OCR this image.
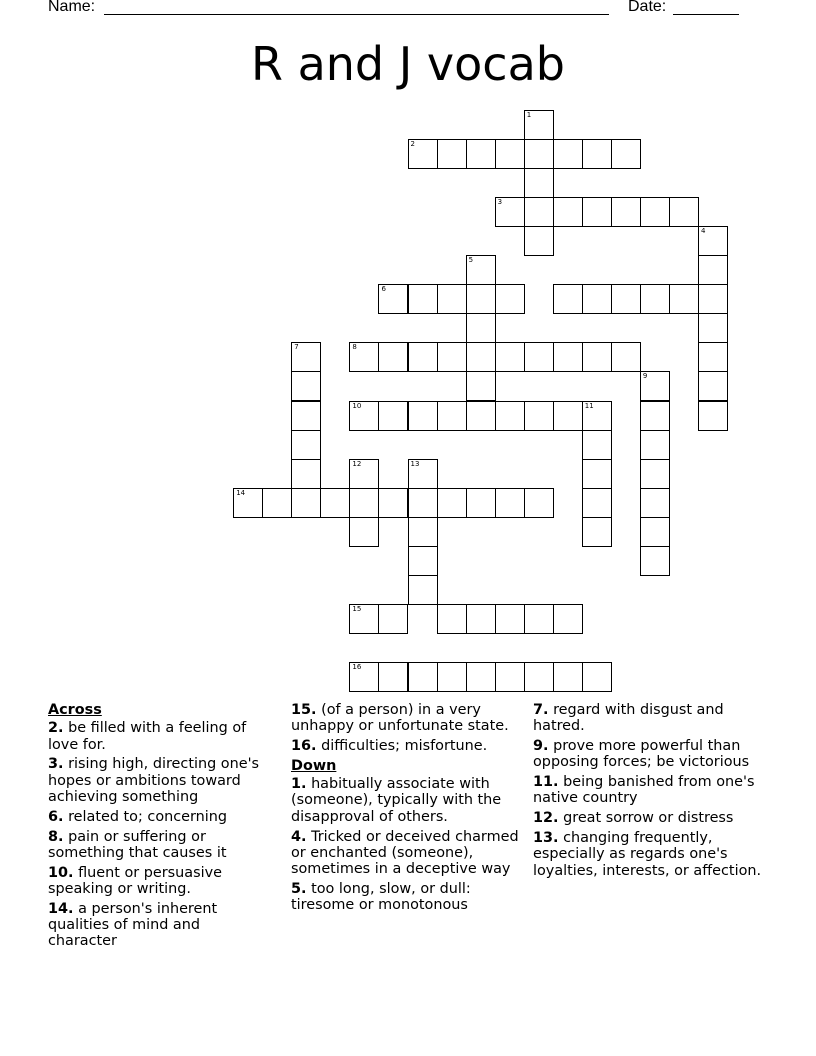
Name:	Date:
R and J vocab
2
1
3
4
5
6
7	8
9
10	11
12	13
14
15
16
Across
2. be filled with a feeling of love for.
3. rising high, directing one's hopes or ambitions toward achieving something
6. related to; concerning
8. pain or suffering or something that causes it
10. fluent or persuasive speaking or writing.
14. a person's inherent qualities of mind and character
15. (of a person) in a very unhappy or unfortunate state.
16. difficulties; misfortune.
Down
1. habitually associate with (someone), typically with the disapproval of others.
4. Tricked or deceived charmed or enchanted (someone), sometimes in a deceptive way
5. too long, slow, or dull: tiresome or monotonous
7. regard with disgust and hatred.
9. prove more powerful than opposing forces; be victorious
11. being banished from one's native country
12. great sorrow or distress
13. changing frequently, especially as regards one's loyalties, interests, or affection.
